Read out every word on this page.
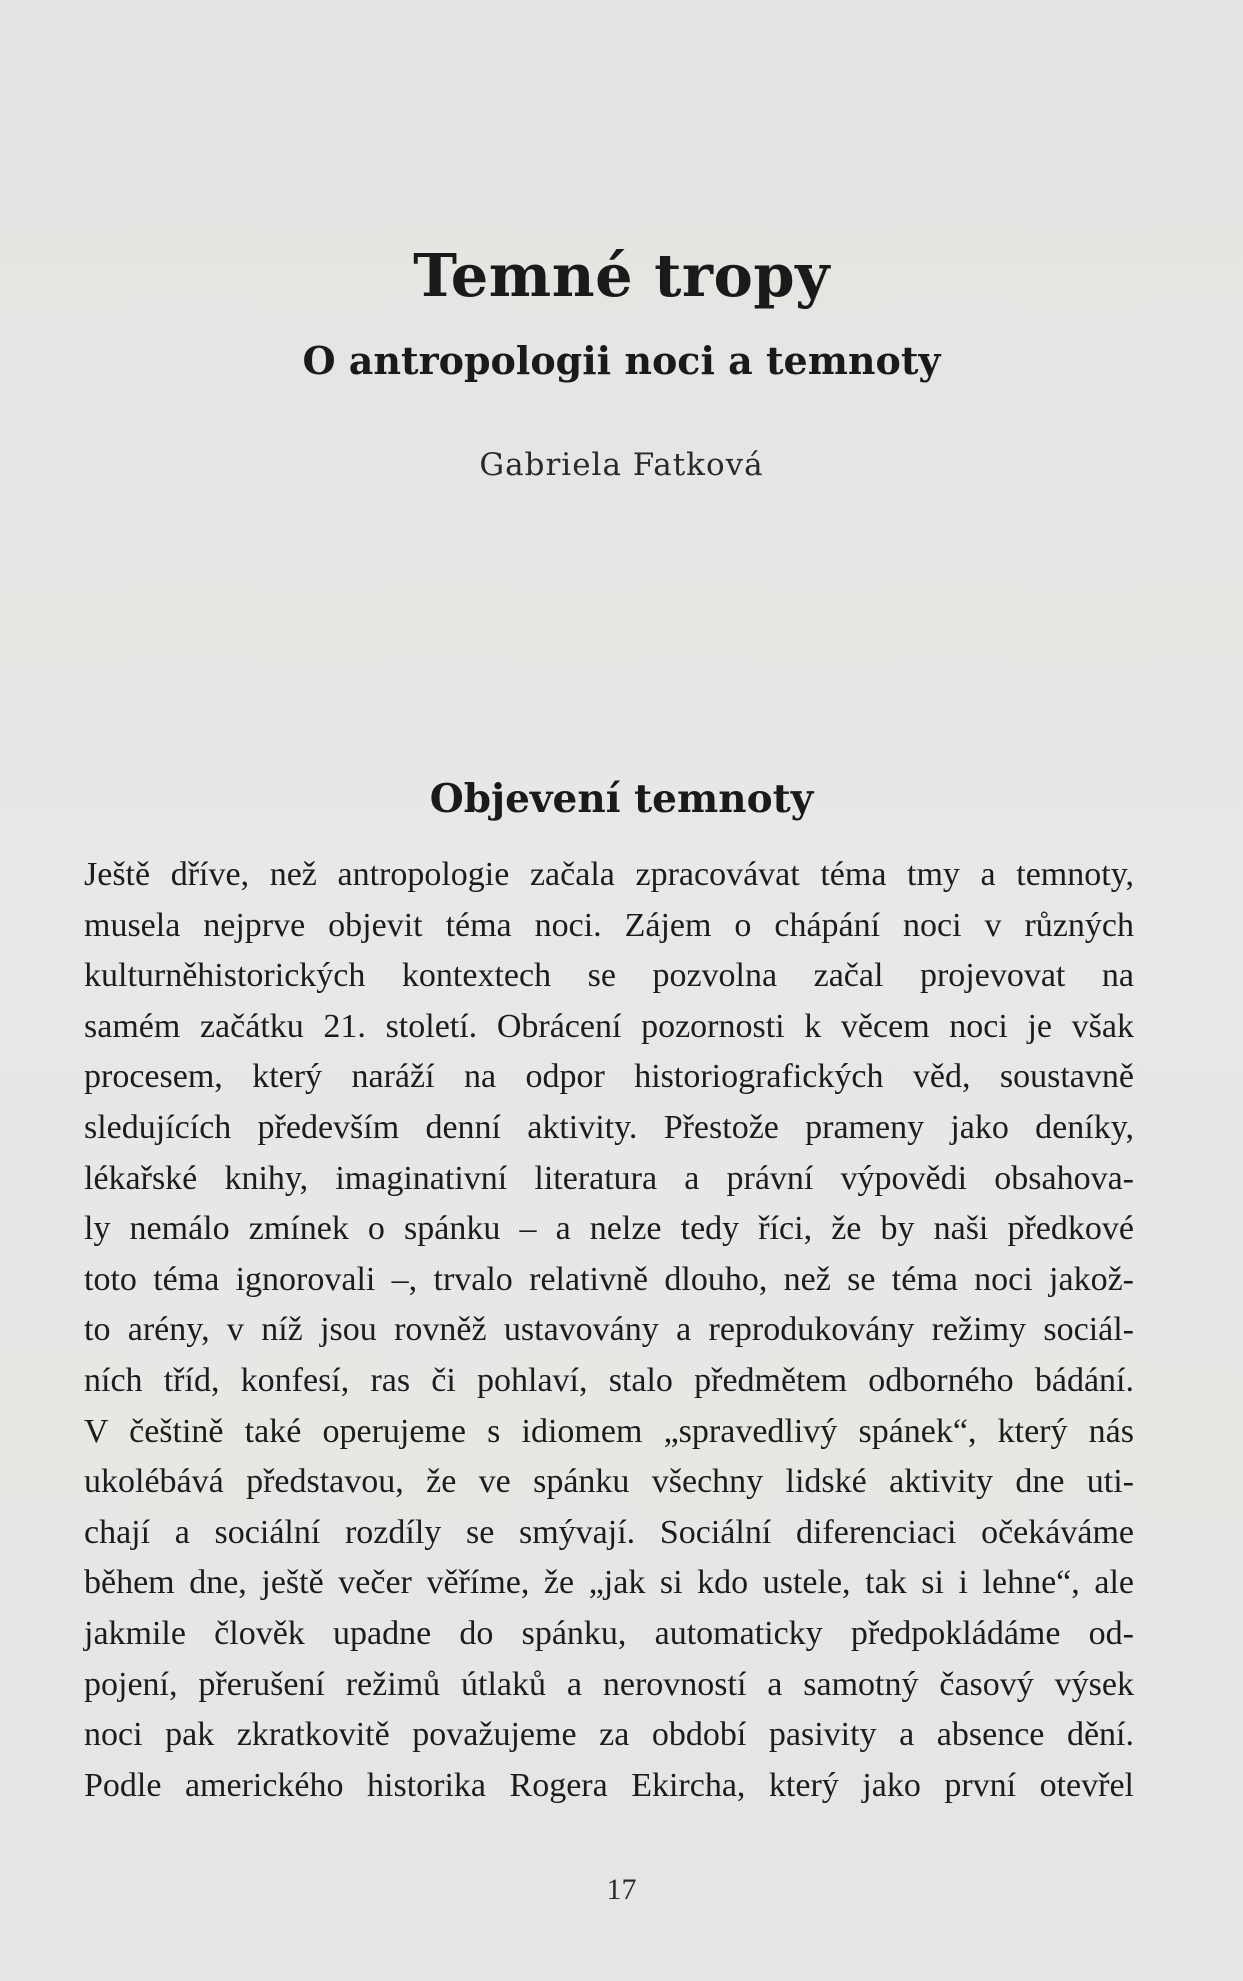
Temné tropy
O antropologii noci a temnoty
Gabriela Fatková
Objevení temnoty
Ještě dříve, než antropologie začala zpracovávat téma tmy a temnoty,
musela nejprve objevit téma noci. Zájem o chápání noci v různých
kulturněhistorických kontextech se pozvolna začal projevovat na
samém začátku 21. století. Obrácení pozornosti k věcem noci je však
procesem, který naráží na odpor historiografických věd, soustavně
sledujících především denní aktivity. Přestože prameny jako deníky,
lékařské knihy, imaginativní literatura a právní výpovědi obsahova-
ly nemálo zmínek o spánku – a nelze tedy říci, že by naši předkové
toto téma ignorovali –, trvalo relativně dlouho, než se téma noci jakož-
to arény, v níž jsou rovněž ustavovány a reprodukovány režimy sociál-
ních tříd, konfesí, ras či pohlaví, stalo předmětem odborného bádání.
V češtině také operujeme s idiomem „spravedlivý spánek“, který nás
ukolébává představou, že ve spánku všechny lidské aktivity dne uti-
chají a sociální rozdíly se smývají. Sociální diferenciaci očekáváme
během dne, ještě večer věříme, že „jak si kdo ustele, tak si i lehne“, ale
jakmile člověk upadne do spánku, automaticky předpokládáme od-
pojení, přerušení režimů útlaků a nerovností a samotný časový výsek
noci pak zkratkovitě považujeme za období pasivity a absence dění.
Podle amerického historika Rogera Ekircha, který jako první otevřel
17
